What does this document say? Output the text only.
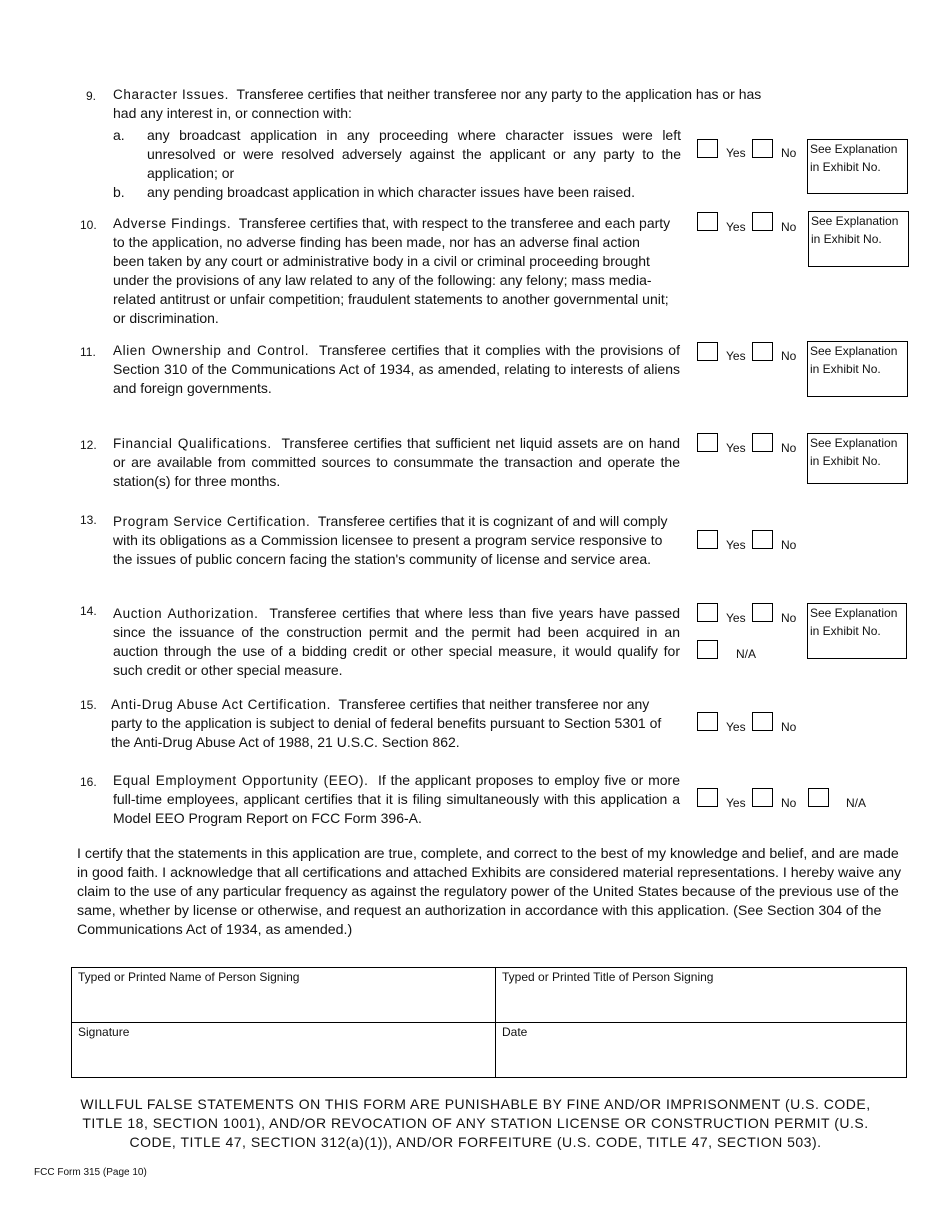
9. Character Issues. Transferee certifies that neither transferee nor any party to the application has or has had any interest in, or connection with:
a. any broadcast application in any proceeding where character issues were left unresolved or were resolved adversely against the applicant or any party to the application; or
b. any pending broadcast application in which character issues have been raised.
Yes	No See Explanation
in Exhibit No.
10. Adverse Findings. Transferee certifies that, with respect to the transferee and each party to the application, no adverse finding has been made, nor has an adverse final action been taken by any court or administrative body in a civil or criminal proceeding brought under the provisions of any law related to any of the following: any felony; mass media-related antitrust or unfair competition; fraudulent statements to another governmental unit; or discrimination.
Yes	No See Explanation
in Exhibit No.
11. Alien Ownership and Control. Transferee certifies that it complies with the provisions of Section 310 of the Communications Act of 1934, as amended, relating to interests of aliens and foreign governments.
Yes	No See Explanation
in Exhibit No.
12. Financial Qualifications. Transferee certifies that sufficient net liquid assets are on hand or are available from committed sources to consummate the transaction and operate the station(s) for three months.
Yes	No See Explanation
in Exhibit No.
13. Program Service Certification. Transferee certifies that it is cognizant of and will comply with its obligations as a Commission licensee to present a program service responsive to the issues of public concern facing the station's community of license and service area.
Yes	No
14. Auction Authorization. Transferee certifies that where less than five years have passed since the issuance of the construction permit and the permit had been acquired in an auction through the use of a bidding credit or other special measure, it would qualify for such credit or other special measure.
Yes	No
N/A
See Explanation
in Exhibit No.
15. Anti-Drug Abuse Act Certification. Transferee certifies that neither transferee nor any party to the application is subject to denial of federal benefits pursuant to Section 5301 of the Anti-Drug Abuse Act of 1988, 21 U.S.C. Section 862.
Yes	No
16. Equal Employment Opportunity (EEO). If the applicant proposes to employ five or more full-time employees, applicant certifies that it is filing simultaneously with this application a Model EEO Program Report on FCC Form 396-A.
Yes	No	N/A
I certify that the statements in this application are true, complete, and correct to the best of my knowledge and belief, and are made in good faith. I acknowledge that all certifications and attached Exhibits are considered material representations. I hereby waive any claim to the use of any particular frequency as against the regulatory power of the United States because of the previous use of the same, whether by license or otherwise, and request an authorization in accordance with this application. (See Section 304 of the Communications Act of 1934, as amended.)
Typed or Printed Name of Person Signing	Typed or Printed Title of Person Signing
Signature	Date
WILLFUL FALSE STATEMENTS ON THIS FORM ARE PUNISHABLE BY FINE AND/OR IMPRISONMENT (U.S. CODE, TITLE 18, SECTION 1001), AND/OR REVOCATION OF ANY STATION LICENSE OR CONSTRUCTION PERMIT (U.S. CODE, TITLE 47, SECTION 312(a)(1)), AND/OR FORFEITURE (U.S. CODE, TITLE 47, SECTION 503).
FCC Form 315 (Page 10)
